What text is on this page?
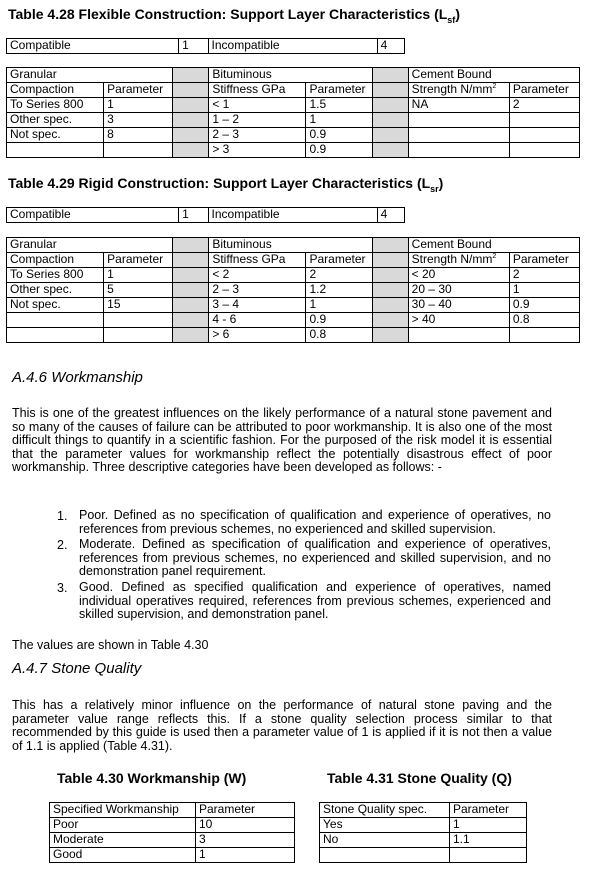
Table 4.28 Flexible Construction: Support Layer Characteristics $(L_{sf})$
Compatible	1	Incompatible	4
Granular			Bituminous			Cement Bound	
Compaction	Parameter		Stiffness GPa	Parameter		Strength $N/mm^2$	Parameter
To Series 800	1		< 1	1.5		NA	2
Other spec.	3		1 – 2	1			
Not spec.	8		2 – 3	0.9			
			> 3	0.9			
Table 4.29 Rigid Construction: Support Layer Characteristics $(L_{sr})$
Compatible	1	Incompatible	4
Granular			Bituminous			Cement Bound	
Compaction	Parameter		Stiffness GPa	Parameter		Strength $N/mm^2$	Parameter
To Series 800	1		< 2	2		< 20	2
Other spec.	5		2 – 3	1.2		20 – 30	1
Not spec.	15		3 – 4	1		30 – 40	0.9
			4 - 6	0.9		> 40	0.8
			> 6	0.8			
A.4.6 Workmanship
This is one of the greatest influences on the likely performance of a natural stone pavement and so many of the causes of failure can be attributed to poor workmanship. It is also one of the most difficult things to quantify in a scientific fashion. For the purposed of the risk model it is essential that the parameter values for workmanship reflect the potentially disastrous effect of poor workmanship. Three descriptive categories have been developed as follows: -
1. Poor. Defined as no specification of qualification and experience of operatives, no references from previous schemes, no experienced and skilled supervision.
2. Moderate. Defined as specification of qualification and experience of operatives, references from previous schemes, no experienced and skilled supervision, and no demonstration panel requirement.
3. Good. Defined as specified qualification and experience of operatives, named individual operatives required, references from previous schemes, experienced and skilled supervision, and demonstration panel.
The values are shown in Table 4.30
A.4.7 Stone Quality
This has a relatively minor influence on the performance of natural stone paving and the parameter value range reflects this. If a stone quality selection process similar to that recommended by this guide is used then a parameter value of 1 is applied if it is not then a value of 1.1 is applied (Table 4.31).
Table 4.30 Workmanship (W)
Specified Workmanship	Parameter
Poor	10
Moderate	3
Good	1
Table 4.31 Stone Quality (Q)
Stone Quality spec.	Parameter
Yes	1
No	1.1
